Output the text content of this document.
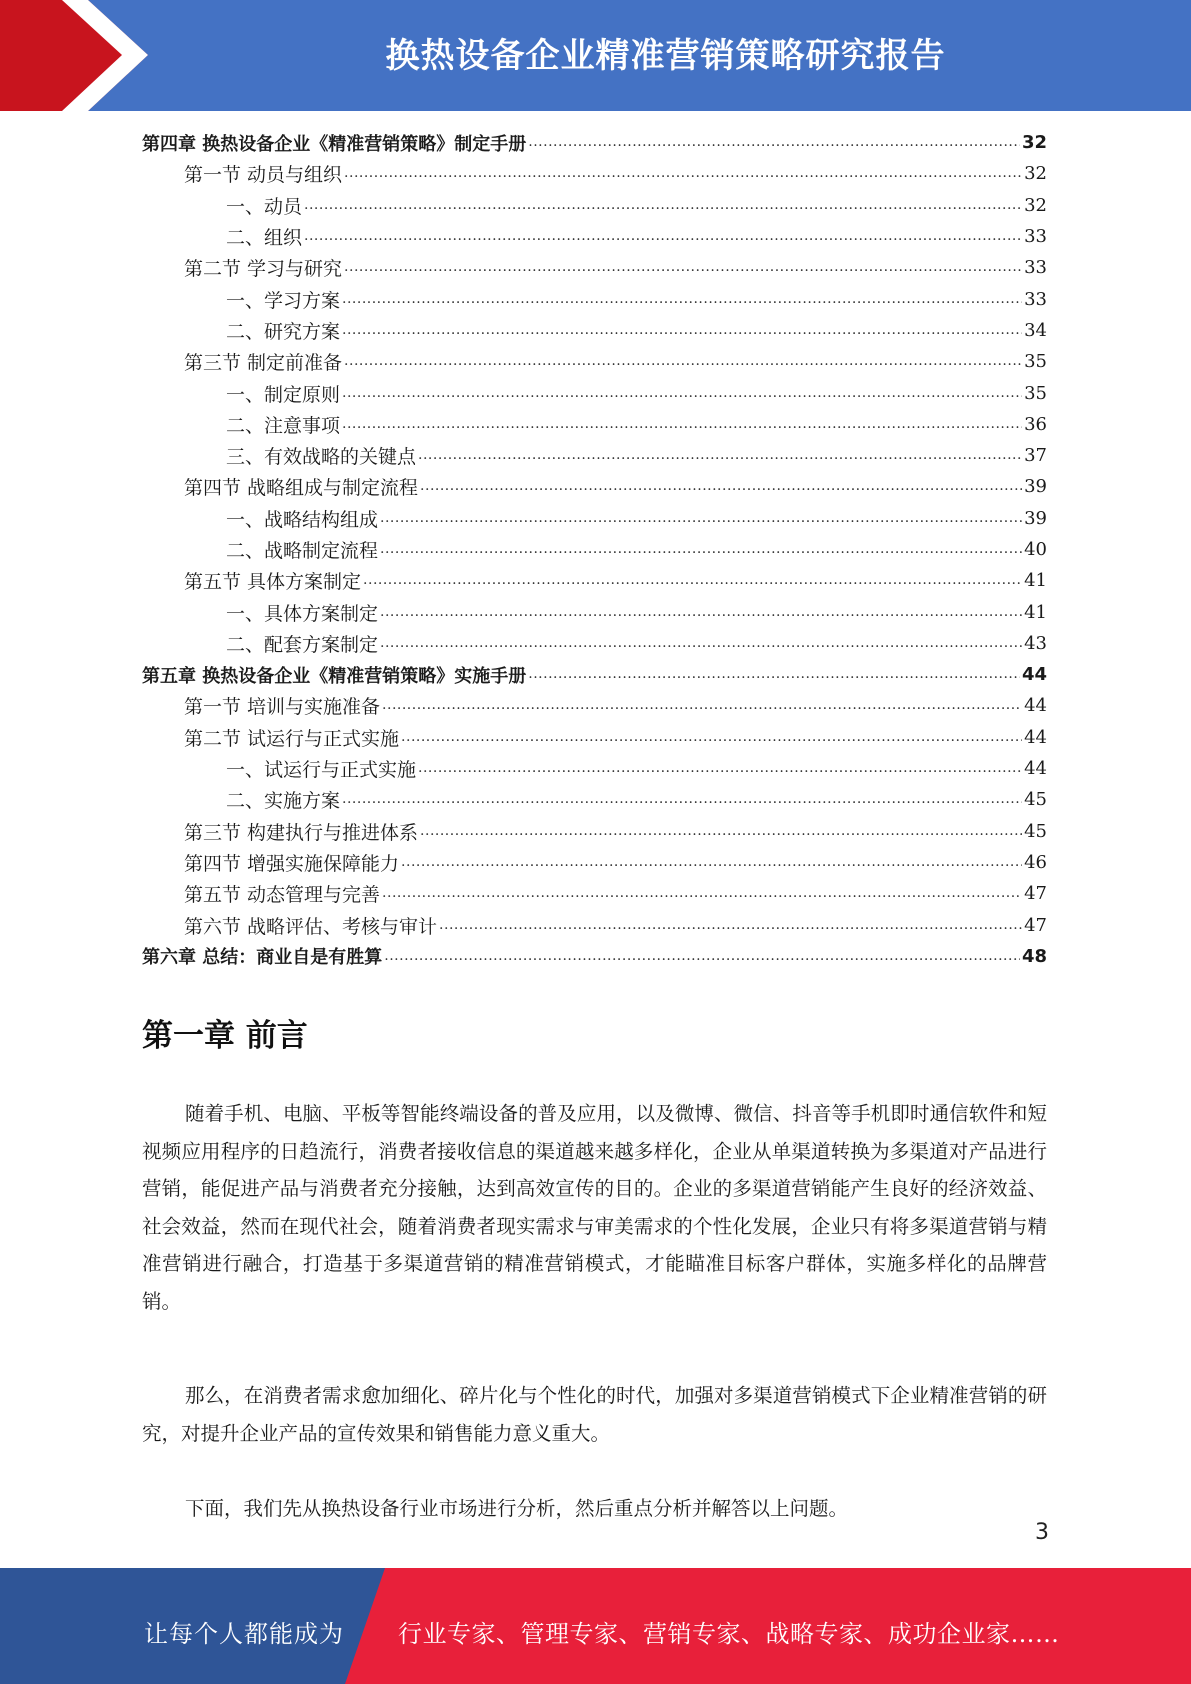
换热设备企业精准营销策略研究报告
第四章 换热设备企业《精准营销策略》制定手册 .....	32
第一节 动员与组织 .....	32
一、动员 .....	32
二、组织 .....	33
第二节 学习与研究 .....	33
一、学习方案 .....	33
二、研究方案 .....	34
第三节 制定前准备 .....	35
一、制定原则 .....	35
二、注意事项 .....	36
三、有效战略的关键点 .....	37
第四节 战略组成与制定流程 .....	39
一、战略结构组成 .....	39
二、战略制定流程 .....	40
第五节 具体方案制定 .....	41
一、具体方案制定 .....	41
二、配套方案制定 .....	43
第五章 换热设备企业《精准营销策略》实施手册 .....	44
第一节 培训与实施准备 .....	44
第二节 试运行与正式实施 .....	44
一、试运行与正式实施 .....	44
二、实施方案 .....	45
第三节 构建执行与推进体系 .....	45
第四节 增强实施保障能力 .....	46
第五节 动态管理与完善 .....	47
第六节 战略评估、考核与审计 .....	47
第六章 总结：商业自是有胜算 .....	48
第一章 前言

随着手机、电脑、平板等智能终端设备的普及应用，以及微博、微信、抖音等手机即时通信软件和短视频应用程序的日趋流行，消费者接收信息的渠道越来越多样化，企业从单渠道转换为多渠道对产品进行营销，能促进产品与消费者充分接触，达到高效宣传的目的。企业的多渠道营销能产生良好的经济效益、社会效益，然而在现代社会，随着消费者现实需求与审美需求的个性化发展，企业只有将多渠道营销与精准营销进行融合，打造基于多渠道营销的精准营销模式，才能瞄准目标客户群体，实施多样化的品牌营销。

那么，在消费者需求愈加细化、碎片化与个性化的时代，加强对多渠道营销模式下企业精准营销的研究，对提升企业产品的宣传效果和销售能力意义重大。

下面，我们先从换热设备行业市场进行分析，然后重点分析并解答以上问题。

3
让每个人都能成为 行业专家、管理专家、营销专家、战略专家、成功企业家……
